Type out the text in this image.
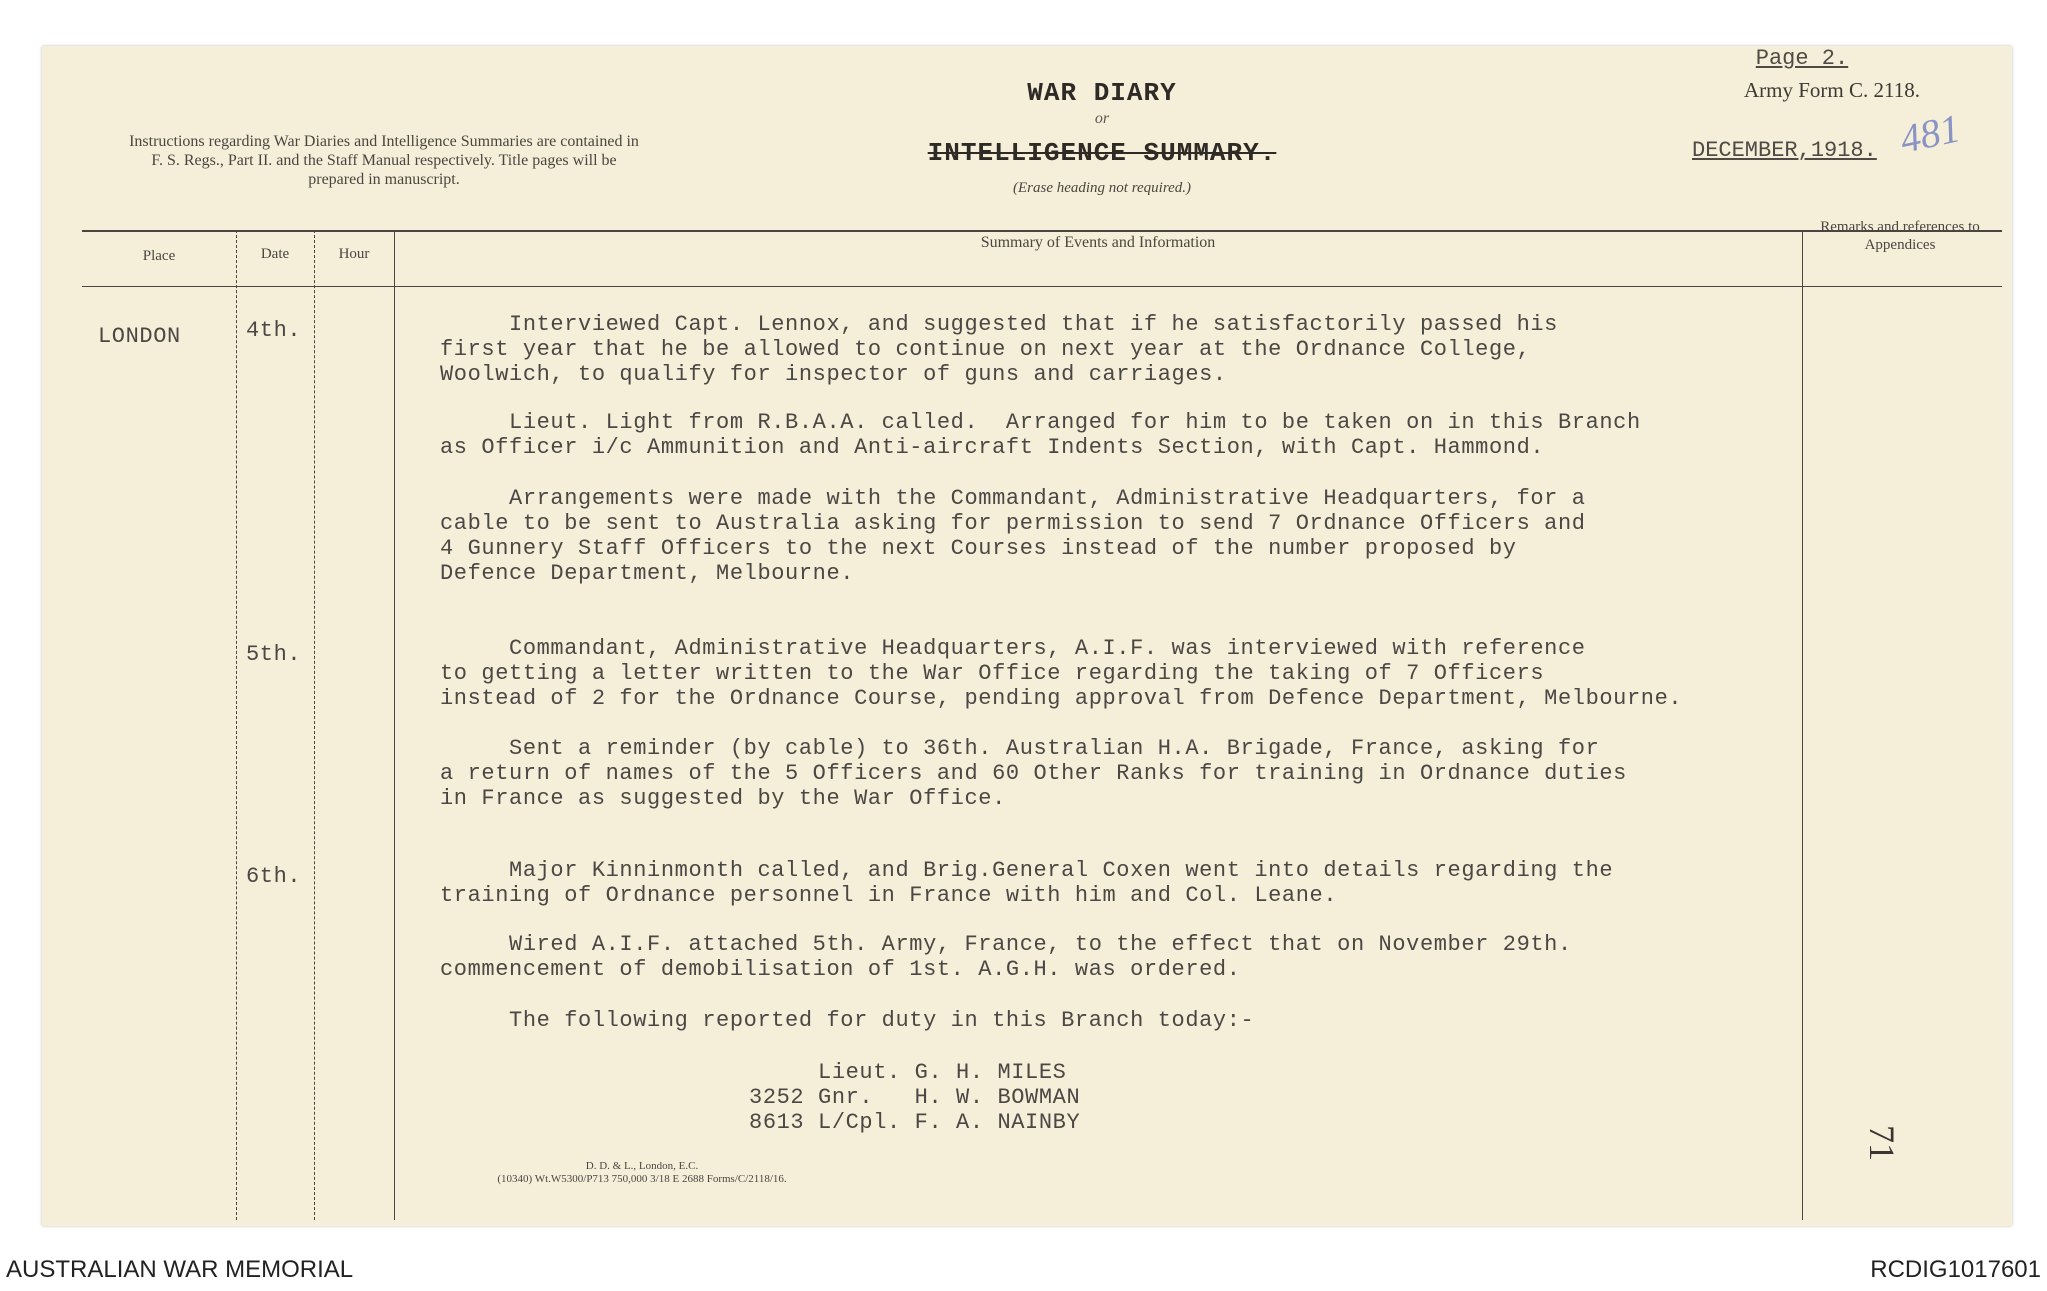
Instructions regarding War Diaries and Intelligence Summaries are contained in F. S. Regs., Part II. and the Staff Manual respectively. Title pages will be prepared in manuscript.
WAR DIARY
or
INTELLIGENCE SUMMARY.
(Erase heading not required.)
Page 2.
Army Form C. 2118.
DECEMBER,1918. 481
Place	Date	Hour
Summary of Events and Information
Remarks and references to Appendices
LONDON	4th.	Interviewed Capt. Lennox, and suggested that if he satisfactorily passed his
first year that he be allowed to continue on next year at the Ordnance College,
Woolwich, to qualify for inspector of guns and carriages.
Lieut. Light from R.B.A.A. called.  Arranged for him to be taken on in this Branch
as Officer i/c Ammunition and Anti-aircraft Indents Section, with Capt. Hammond.
Arrangements were made with the Commandant, Administrative Headquarters, for a
cable to be sent to Australia asking for permission to send 7 Ordnance Officers and
4 Gunnery Staff Officers to the next Courses instead of the number proposed by
Defence Department, Melbourne.
5th.	Commandant, Administrative Headquarters, A.I.F. was interviewed with reference
to getting a letter written to the War Office regarding the taking of 7 Officers
instead of 2 for the Ordnance Course, pending approval from Defence Department, Melbourne.
Sent a reminder (by cable) to 36th. Australian H.A. Brigade, France, asking for
a return of names of the 5 Officers and 60 Other Ranks for training in Ordnance duties
in France as suggested by the War Office.
6th.	Major Kinninmonth called, and Brig.General Coxen went into details regarding the
training of Ordnance personnel in France with him and Col. Leane.
Wired A.I.F. attached 5th. Army, France, to the effect that on November 29th.
commencement of demobilisation of 1st. A.G.H. was ordered.
The following reported for duty in this Branch today:-
Lieut. G. H. MILES
3252 Gnr.   H. W. BOWMAN
8613 L/Cpl. F. A. NAINBY
71
D. D. & L., London, E.C.
(10340) Wt.W5300/P713 750,000 3/18 E 2688 Forms/C/2118/16.
AUSTRALIAN WAR MEMORIAL	RCDIG1017601
